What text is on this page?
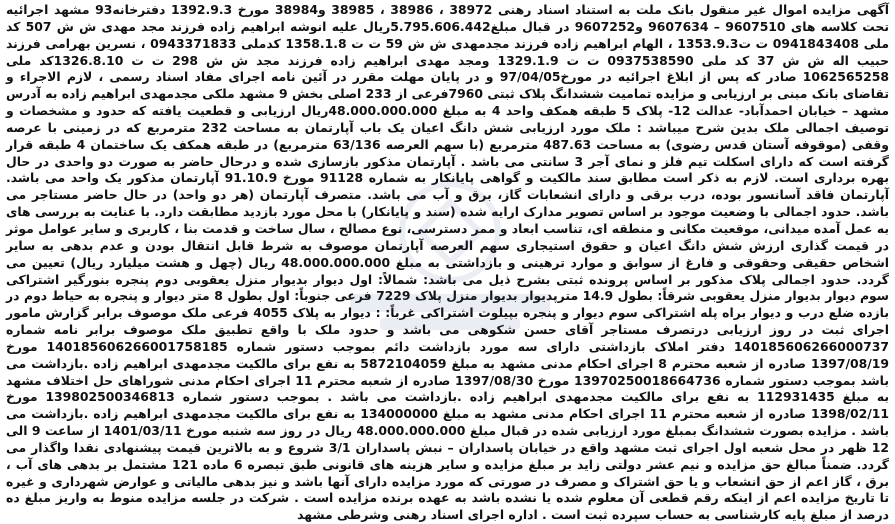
آگهی مزایده اموال غیر منقول بانک ملت به استناد اسناد رهنی 38972 ، 38986 ، 38985 و38984 مورخ 1392.9.3 دفترخانه93 مشهد اجرائیه تحت کلاسه های 9607510 – 9607634 و9607252 در قبال مبلغ5.795.606.442ریال علیه انوشه ابراهیم زاده فرزند مجد مهدی ش ش 507 کد ملی 0941843408 ت ت1353.9.3 ، الهام ابراهیم زاده فرزند مجدمهدی ش ش 59 ت ت 1358.1.8 کدملی 0943371833 ، نسرین بهرامی فرزند حبیب اله ش ش 37 کد ملی 0937538590 ت ت 1329.1.9 ومجد مهدی ابراهیم زاده فرزند مجد ش ش 298 ت ت 1326.8.10کد ملی 1062565258 صادر که پس از ابلاغ اجرائیه در مورخ97/04/05 و در پایان مهلت مقرر در آئین نامه اجرای مفاد اسناد رسمی ، لازم الاجراء و تقاضای بانک مبنی بر ارزیابی و مزایده تمامیت ششدانگ پلاک ثبتی 7960فرعی از 233 اصلی بخش 9 مشهد ملکی مجدمهدی ابراهیم زاده به آدرس مشهد – خیابان احمدآباد- عدالت 12- پلاک 5 طبقه همکف واحد 4 به مبلغ 48.000.000.000ریال ارزیابی و قطعیت یافته که حدود و مشخصات و توصیف اجمالی ملک بدین شرح میباشد : ملک مورد ارزیابی شش دانگ اعیان یک باب آپارتمان به مساحت 232 مترمربع که در زمینی با عرصه وقفی (موقوفه آستان قدس رضوی) به مساحت 487.63 مترمربع (با سهم العرصه 63/136 مترمربع) در طبقه همکف یک ساختمان 4 طبقه قرار گرفته است که دارای اسکلت تیم فلز و نمای آجر 3 سانتی می باشد . آپارتمان مذکور بازسازی شده و درحال حاضر به صورت دو واحدی در حال بهره برداری است. لازم به ذکر است مطابق سند مالکیت و گواهی پایانکار به شماره 91128 مورخ 91.10.9 آپارتمان مذکور یک واحد می باشد. آپارتمان فاقد آسانسور بوده، درب برقی و دارای انشعابات گاز، برق و آب می باشد. متصرف آپارتمان (هر دو واحد) در حال حاضر مستاجر می باشد. حدود اجمالی با وضعیت موجود بر اساس تصویر مدارک ارایه شده (سند و پایانکار) با محل مورد بازدید مطابقت دارد. با عنایت به بررسی های به عمل آمده میدانی، موقعیت مکانی و منطقه ای، تناسب ابعاد و ممر دسترسی، نوع مصالح ، سال ساخت و قدمت بنا ، کاربری و سایر عوامل موثر در قیمت گذاری ارزش شش دانگ اعیان و حقوق استیجاری سهم العرصه آپارتمان موصوف به شرط قابل انتقال بودن و عدم بدهی به سایر اشخاص حقیقی وحقوقی و فارغ از سوابق و موارد ترهینی و بازداشتی به مبلغ 48.000.000.000 ریال (چهل و هشت میلیارد ریال) تعیین می گردد. حدود اجمالی پلاک مذکور بر اساس پرونده ثبتی بشرح ذیل می باشد: شمالاً: اول دیوار بدیوار منزل یعقوبی دوم پنجره بنورگیر اشتراکی سوم دیوار بدیوار منزل یعقوبی شرقاً: بطول 14.9 مترپدیوار بدیوار منزل پلاک 7229 فرعی جنوباً: اول بطول 8 متر دیوار و پنجره به حیاط دوم در بازده ضلع درب و دیوار براه پله اشتراکی سوم دیوار و پنجره بپیلوت اشتراکی غرباً: : دیوار به پلاک 4055 فرعی ملک موصوف برابر گزارش مامور اجرای ثبت در روز ارزیابی درتصرف مستاجر آقای حسن شکوهی می باشد و حدود ملک با واقع تطبیق ملک موصوف برابر نامه شماره 140185606266000737 دفتر املاک بازداشتی دارای سه مورد بازداشت دائم بموجب دستور شماره 140185606266001758185 مورخ 1397/08/19 صادره از شعبه محترم 8 اجرای احکام مدنی مشهد به مبلغ 5872104059 به نفع برای مالکیت مجدمهدی ابراهیم زاده .بازداشت می باشد بموجب دستور شماره 13970250018664736 مورخ 1397/08/30 صادره از شعبه محترم 11 اجرای احکام مدنی شوراهای حل اختلاف مشهد به مبلغ 112931435 به نفع برای مالکیت مجدمهدی ابراهیم زاده .بازداشت می باشد . بموجب دستور شماره 139802500346813 مورخ 1398/02/11 صادره از شعبه محترم 11 اجرای احکام مدنی مشهد به مبلغ 134000000 به نفع برای مالکیت مجدمهدی ابراهیم زاده .بازداشت می باشد . مزایده بصورت ششدانگ بمبلغ مورد ارزیابی شده در قبال مبلغ 48.000.000.000 ریال در روز سه شنبه مورخ 1401/03/11 از ساعت 9 الی 12 ظهر در محل شعبه اول اجرای ثبت مشهد واقع در خیابان پاسداران – نبش پاسداران 3/1 شروع و به بالاترین قیمت پیشنهادی نقدا واگذار می گردد. ضمناً مبالغ حق مزایده و نیم عشر دولتی زاید بر مبلغ مزایده و سایر هزینه های قانونی طبق تبصره 6 ماده 121 مشتمل بر بدهی های آب ، برق ، گاز اعم از حق انشعاب و یا حق اشتراک و مصرف در صورتی که مورد مزایده دارای آنها باشد و نیز بدهی مالیاتی و عوارض شهرداری و غیره تا تاریخ مزایده اعم از اینکه رقم قطعی آن معلوم شده یا نشده باشد به عهده برنده مزایده است . شرکت در جلسه مزایده منوط به واریز مبلغ ده درصد از مبلغ پایه کارشناسی به حساب سپرده ثبت است . اداره اجرای اسناد رهنی وشرطی مشهد
